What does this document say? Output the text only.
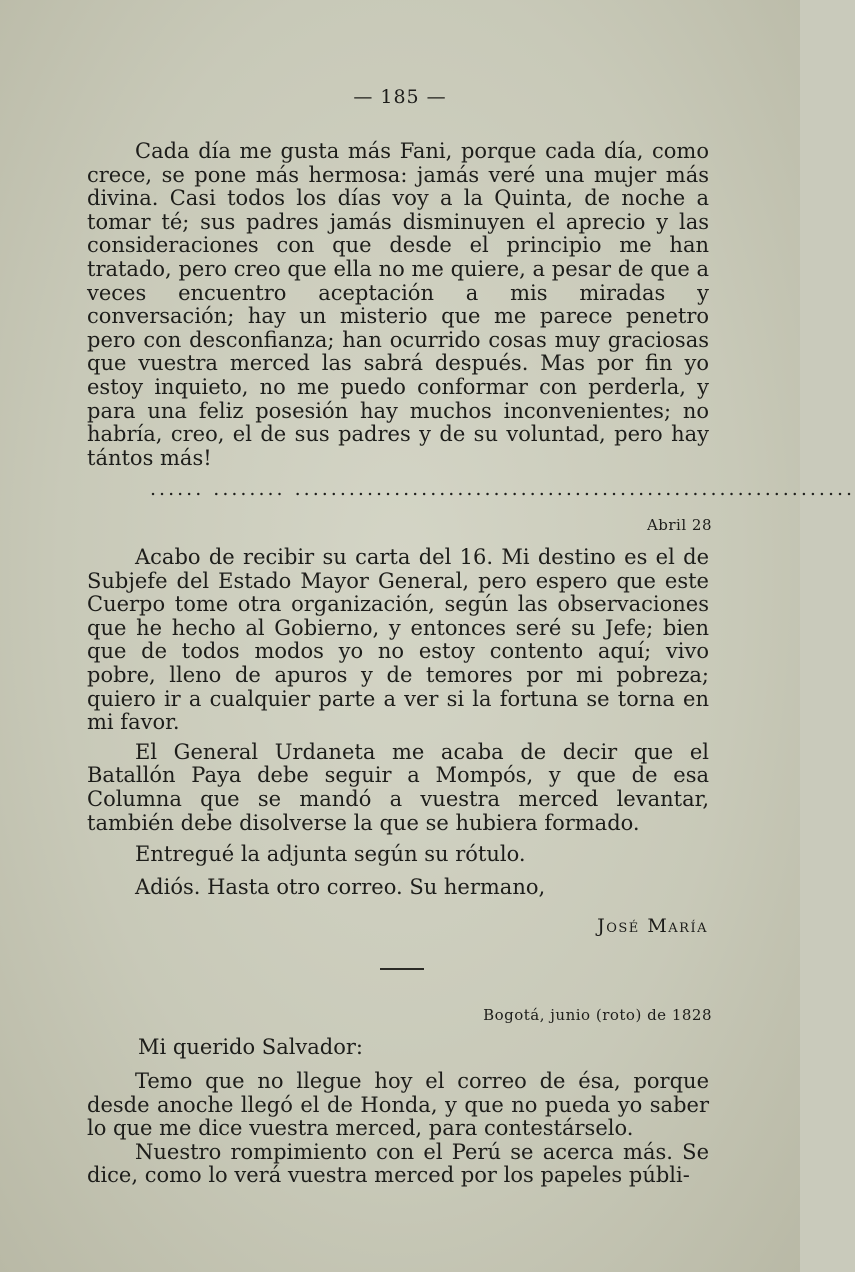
— 185 —

Cada día me gusta más Fani, porque cada día, como crece, se pone más hermosa: jamás veré una mujer más divina. Casi todos los días voy a la Quinta, de noche a tomar té; sus padres jamás disminuyen el aprecio y las consideraciones con que desde el principio me han tratado, pero creo que ella no me quiere, a pesar de que a veces encuentro aceptación a mis miradas y conversación; hay un misterio que me parece penetro pero con desconfianza; han ocurrido cosas muy graciosas que vuestra merced las sabrá después. Mas por fin yo estoy inquieto, no me puedo conformar con perderla, y para una feliz posesión hay muchos inconvenientes; no habría, creo, el de sus padres y de su voluntad, pero hay tántos más!

...... ........ ..............................................................
Abril 28

Acabo de recibir su carta del 16. Mi destino es el de Subjefe del Estado Mayor General, pero espero que este Cuerpo tome otra organización, según las observaciones que he hecho al Gobierno, y entonces seré su Jefe; bien que de todos modos yo no estoy contento aquí; vivo pobre, lleno de apuros y de temores por mi pobreza; quiero ir a cualquier parte a ver si la fortuna se torna en mi favor.

El General Urdaneta me acaba de decir que el Batallón Paya debe seguir a Mompós, y que de esa Columna que se mandó a vuestra merced levantar, también debe disolverse la que se hubiera formado.

Entregué la adjunta según su rótulo.

Adiós. Hasta otro correo. Su hermano,

José María
Bogotá, junio (roto) de 1828
Mi querido Salvador:

Temo que no llegue hoy el correo de ésa, porque desde anoche llegó el de Honda, y que no pueda yo saber lo que me dice vuestra merced, para contestárselo.

Nuestro rompimiento con el Perú se acerca más. Se dice, como lo verá vuestra merced por los papeles públi-
